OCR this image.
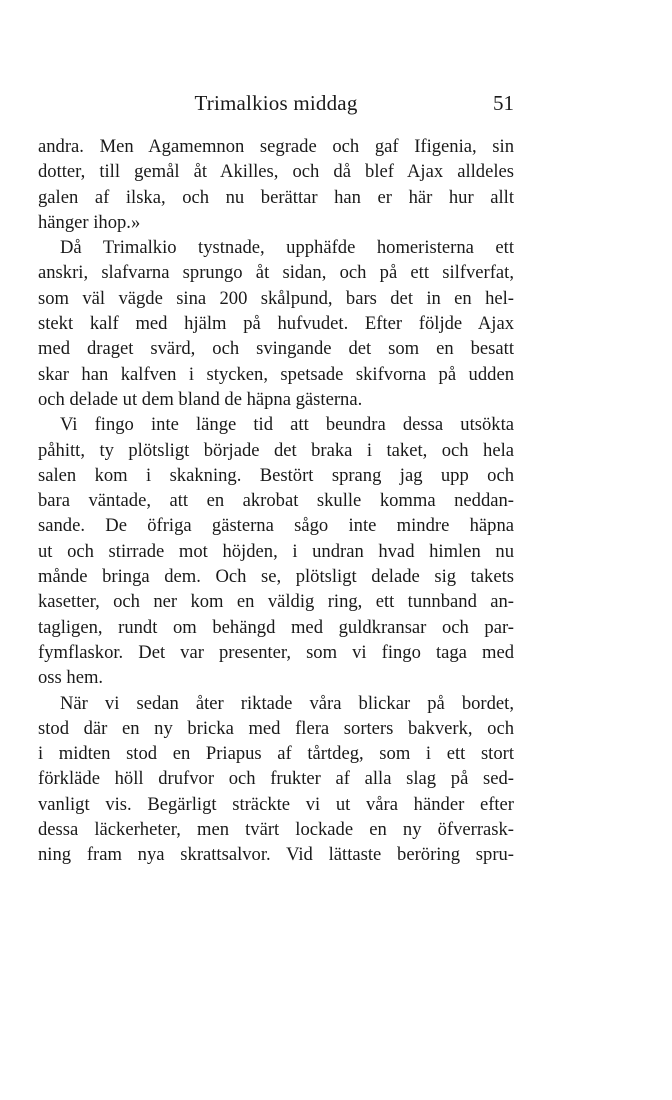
Trimalkios middag	51
andra. Men Agamemnon segrade och gaf Ifigenia, sin
dotter, till gemål åt Akilles, och då blef Ajax alldeles
galen af ilska, och nu berättar han er här hur allt
hänger ihop.»
Då Trimalkio tystnade, upphäfde homeristerna ett
anskri, slafvarna sprungo åt sidan, och på ett silfverfat,
som väl vägde sina 200 skålpund, bars det in en hel-
stekt kalf med hjälm på hufvudet. Efter följde Ajax
med draget svärd, och svingande det som en besatt
skar han kalfven i stycken, spetsade skifvorna på udden
och delade ut dem bland de häpna gästerna.
Vi fingo inte länge tid att beundra dessa utsökta
påhitt, ty plötsligt började det braka i taket, och hela
salen kom i skakning. Bestört sprang jag upp och
bara väntade, att en akrobat skulle komma neddan-
sande. De öfriga gästerna sågo inte mindre häpna
ut och stirrade mot höjden, i undran hvad himlen nu
månde bringa dem. Och se, plötsligt delade sig takets
kasetter, och ner kom en väldig ring, ett tunnband an-
tagligen, rundt om behängd med guldkransar och par-
fymflaskor. Det var presenter, som vi fingo taga med
oss hem.
När vi sedan åter riktade våra blickar på bordet,
stod där en ny bricka med flera sorters bakverk, och
i midten stod en Priapus af tårtdeg, som i ett stort
förkläde höll drufvor och frukter af alla slag på sed-
vanligt vis. Begärligt sträckte vi ut våra händer efter
dessa läckerheter, men tvärt lockade en ny öfverrask-
ning fram nya skrattsalvor. Vid lättaste beröring spru-
